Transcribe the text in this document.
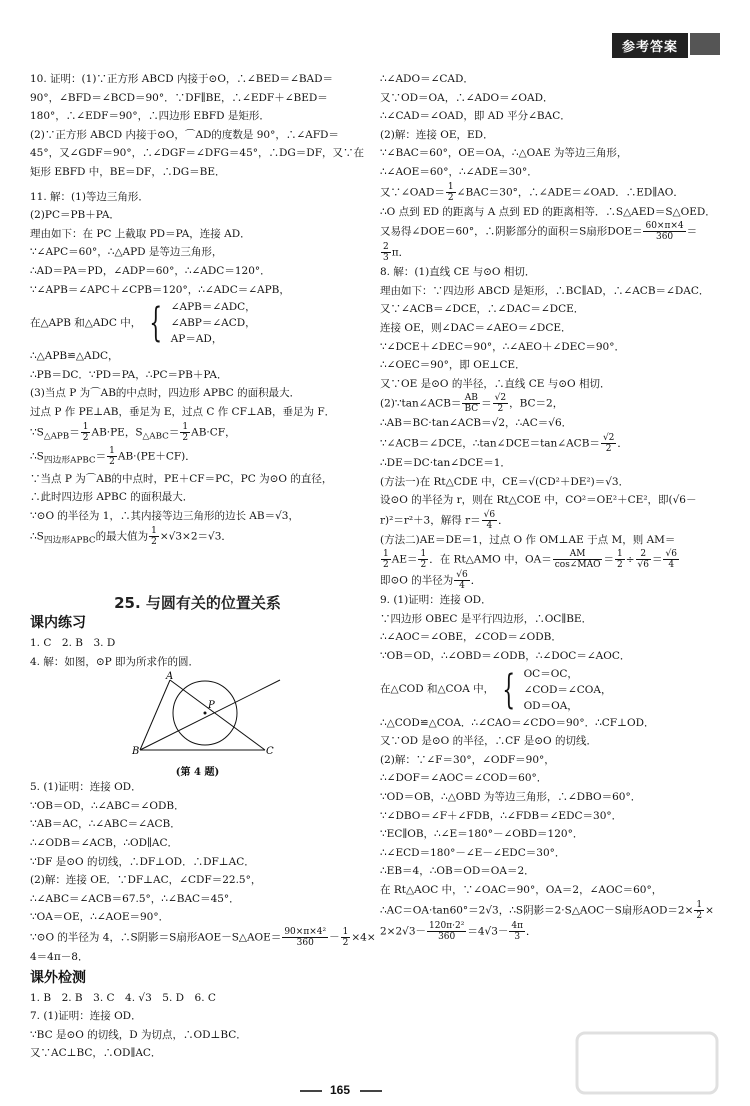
参考答案
10. 证明：(1)∵正方形 ABCD 内接于⊙O，∴∠BED＝∠BAD＝
90°，∠BFD＝∠BCD＝90°．∵DF∥BE，∴∠EDF＋∠BED＝
180°，∴∠EDF＝90°，∴四边形 EBFD 是矩形．
(2)∵正方形 ABCD 内接于⊙O，⌒AD的度数是 90°，∴∠AFD＝
45°，又∠GDF＝90°，∴∠DGF＝∠DFG＝45°，∴DG＝DF，又∵在
矩形 EBFD 中，BE＝DF，∴DG＝BE．
11. 解：(1)等边三角形．
(2)PC＝PB＋PA．
理由如下：在 PC 上截取 PD＝PA，连接 AD．
∵∠APC＝60°，∴△APD 是等边三角形，
∴AD＝PA＝PD，∠ADP＝60°，∴∠ADC＝120°．
∵∠APB＝∠APC＋∠CPB＝120°，∴∠ADC＝∠APB，
在△APB 和△ADC 中， { ∠APB＝∠ADC，
∠ABP＝∠ACD，
AP＝AD，
∴△APB≌△ADC，
∴PB＝DC．∵PD＝PA，∴PC＝PB＋PA．
(3)当点 P 为⌒AB的中点时，四边形 APBC 的面积最大．
过点 P 作 PE⊥AB，垂足为 E，过点 C 作 CF⊥AB，垂足为 F．
$\because S_{\triangle APB}= \frac{1}{2} AB\cdot PE$，$S_{\triangle ABC}= \frac{1}{2} AB\cdot CF$，
$\therefore S_{四边形APBC}= \frac{1}{2} AB\cdot(PE+CF)$．
∵当点 P 为⌒AB的中点时，PE＋CF＝PC，PC 为⊙O 的直径，
∴此时四边形 APBC 的面积最大．
∵⊙O 的半径为 1，∴其内接等边三角形的边长 AB＝√3，
$\therefore S_{四边形APBC}$的最大值为 $\frac{1}{2} \times√3\times 2=√3$．
25. 与圆有关的位置关系
课内练习
1. C　2. B　3. D
4. 解：如图，⊙P 即为所求作的圆．
B
A
C
P
(第 4 题)
5. (1)证明：连接 OD．
∵OB＝OD，∴∠ABC＝∠ODB．
∵AB＝AC，∴∠ABC＝∠ACB．
∴∠ODB＝∠ACB，∴OD∥AC．
∵DF 是⊙O 的切线，∴DF⊥OD．∴DF⊥AC．
(2)解：连接 OE．∵DF⊥AC，∠CDF＝22.5°，
∴∠ABC＝∠ACB＝67.5°，∴∠BAC＝45°．
∵OA＝OE，∴∠AOE＝90°．
∵⊙O 的半径为 4，∴S阴影＝S扇形AOE－S△AOE＝ $\frac{\text{90×π×4²}}{360} - \frac{1}{2} \times 4\times$
4＝4π－8．
课外检测
1. B　2. B　3. C　4. √3　5. D　6. C
7. (1)证明：连接 OD．
∵BC 是⊙O 的切线，D 为切点，∴OD⊥BC．
又∵AC⊥BC，∴OD∥AC．
∴∠ADO＝∠CAD．
又∵OD＝OA，∴∠ADO＝∠OAD．
∴∠CAD＝∠OAD，即 AD 平分∠BAC．
(2)解：连接 OE，ED．
∵∠BAC＝60°，OE＝OA，∴△OAE 为等边三角形，
∴∠AOE＝60°，∴∠ADE＝30°．
又∵∠OAD＝ $\frac{1}{2}$ ∠BAC＝30°，∴∠ADE＝∠OAD．∴ED∥AO．
∴O 点到 ED 的距离与 A 点到 ED 的距离相等．∴S△AED＝S△OED．
又易得∠DOE＝60°，∴阴影部分的面积＝S扇形$DOE= \frac{60\times\pi\times 4}{360}$ ＝
$\frac{2}{3}$ π．
8. 解：(1)直线 CE 与⊙O 相切．
理由如下：∵四边形 ABCD 是矩形，∴BC∥AD，∴∠ACB＝∠DAC．
又∵∠ACB＝∠DCE，∴∠DAC＝∠DCE．
连接 OE，则∠DAC＝∠AEO＝∠DCE．
∵∠DCE＋∠DEC＝90°，∴∠AEO＋∠DEC＝90°．
∴∠OEC＝90°，即 OE⊥CE．
又∵OE 是⊙O 的半径，∴直线 CE 与⊙O 相切．
(2)∵tan∠ACB＝ $\frac{AB}{BC} = \frac{√2}{2}$ ，BC＝2，
∴AB＝BC·tan∠ACB＝√2，∴AC＝√6．
∵∠ACB＝∠DCE，∴tan∠DCE＝tan∠ACB＝ $\frac{√2}{2}$ ．
∴DE＝DC·tan∠DCE＝1．
(方法一)在 Rt△CDE 中，CE＝√(CD²＋DE²)＝√3．
设⊙O 的半径为 r，则在 Rt△COE 中，CO²＝OE²＋CE²，即(√6－
r)²＝r²＋3，解得 $r= \frac{√6}{4}$ ．
(方法二)AE＝DE＝1，过点 O 作 OM⊥AE 于点 M，则 AM＝
$\frac{1}{2} AE= \frac{1}{2}$ ．在 Rt△AMO 中，$OA= \frac{AM}{\text{cos∠MAO}} = \frac{1}{2} \div \frac{2}{√6} = \frac{√6}{4}$
即⊙O 的半径为 $\frac{√6}{4}$ ．
9. (1)证明：连接 OD．
∵四边形 OBEC 是平行四边形，∴OC∥BE．
∴∠AOC＝∠OBE，∠COD＝∠ODB．
∵OB＝OD，∴∠OBD＝∠ODB，∴∠DOC＝∠AOC．
在△COD 和△COA 中， { OC＝OC，
∠COD＝∠COA，
OD＝OA，
∴△COD≌△COA．∴∠CAO＝∠CDO＝90°．∴CF⊥OD．
又∵OD 是⊙O 的半径，∴CF 是⊙O 的切线．
(2)解：∵∠F＝30°，∠ODF＝90°，
∴∠DOF＝∠AOC＝∠COD＝60°．
∵OD＝OB，∴△OBD 为等边三角形，∴∠DBO＝60°．
∵∠DBO＝∠F＋∠FDB，∴∠FDB＝∠EDC＝30°．
∵EC∥OB，∴∠E＝180°－∠OBD＝120°．
∴∠ECD＝180°－∠E－∠EDC＝30°．
∴EB＝4，∴OB＝OD＝OA＝2．
在 Rt△AOC 中，∵∠OAC＝90°，OA＝2，∠AOC＝60°，
∴AC＝OA·tan60°＝2√3，∴S阴影＝2·S△AOC－S扇形$AOD=2\times \frac{1}{2}$ ×
$2\times 2√3- \frac{\text{120π·2²}}{360} =4√3- \frac{4\pi}{3}$ ．
165
